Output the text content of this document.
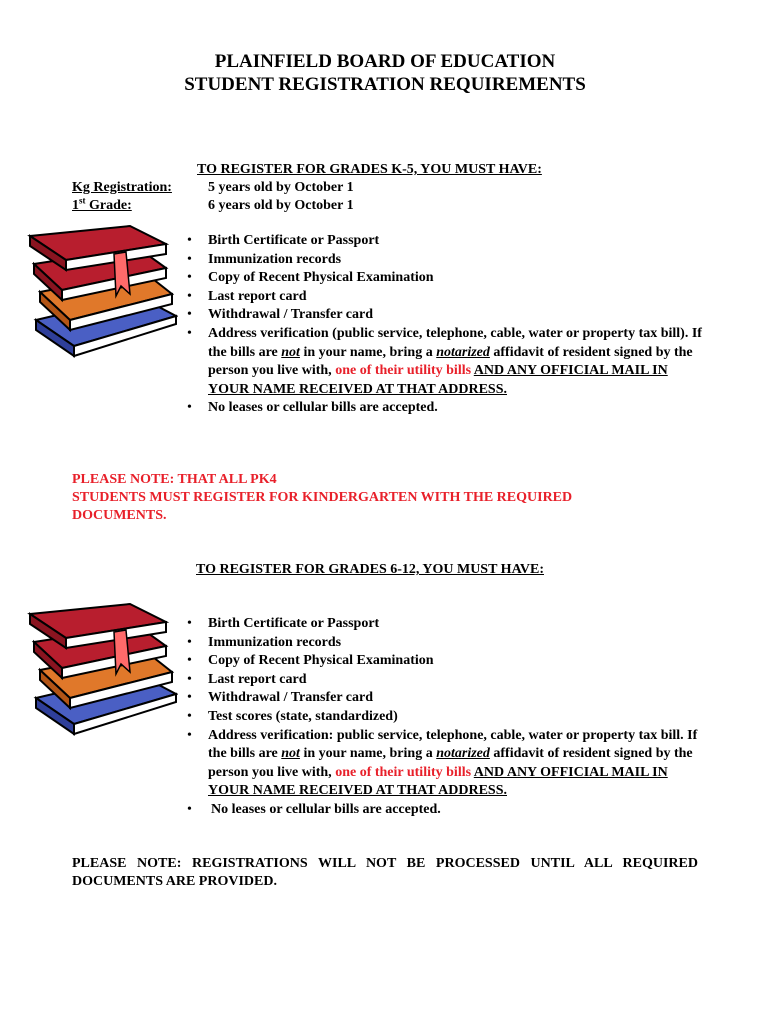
PLAINFIELD BOARD OF EDUCATION
STUDENT REGISTRATION REQUIREMENTS
TO REGISTER FOR GRADES K-5, YOU MUST HAVE:
Kg Registration:
1st Grade:
5 years old by October 1
6 years old by October 1
• Birth Certificate or Passport
• Immunization records
• Copy of Recent Physical Examination
• Last report card
• Withdrawal / Transfer card
• Address verification (public service, telephone, cable, water or property tax bill). If the bills are not in your name, bring a notarized affidavit of resident signed by the person you live with, one of their utility bills AND ANY OFFICIAL MAIL IN YOUR NAME RECEIVED AT THAT ADDRESS.
• No leases or cellular bills are accepted.
PLEASE NOTE: THAT ALL PK4
STUDENTS MUST REGISTER FOR KINDERGARTEN WITH THE REQUIRED
DOCUMENTS.
TO REGISTER FOR GRADES 6-12, YOU MUST HAVE:
• Birth Certificate or Passport
• Immunization records
• Copy of Recent Physical Examination
• Last report card
• Withdrawal / Transfer card
• Test scores (state, standardized)
• Address verification: public service, telephone, cable, water or property tax bill. If the bills are not in your name, bring a notarized affidavit of resident signed by the person you live with, one of their utility bills AND ANY OFFICIAL MAIL IN YOUR NAME RECEIVED AT THAT ADDRESS.
• No leases or cellular bills are accepted.
PLEASE NOTE: REGISTRATIONS WILL NOT BE PROCESSED UNTIL ALL REQUIRED DOCUMENTS ARE PROVIDED.
